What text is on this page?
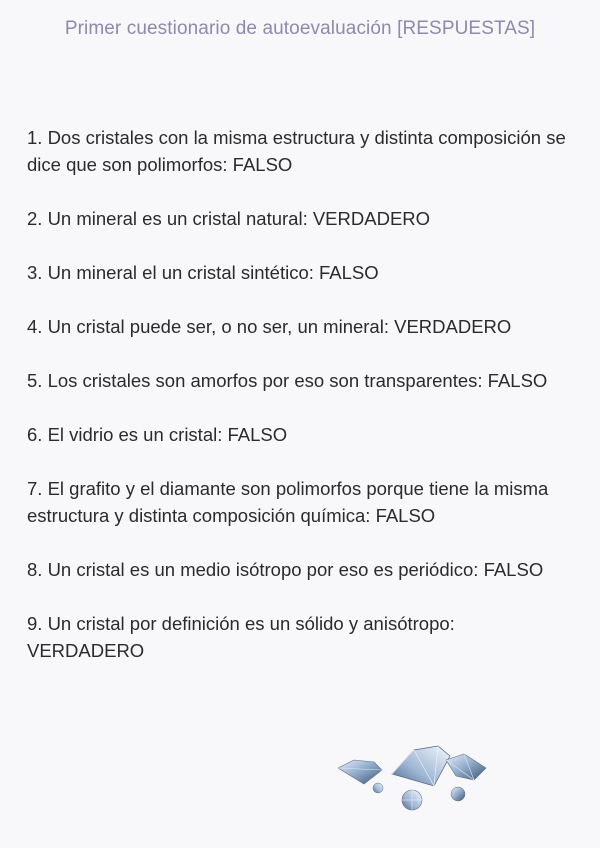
Primer cuestionario de autoevaluación [RESPUESTAS]
1. Dos cristales con la misma estructura y distinta composición se dice que son polimorfos: FALSO
2. Un mineral es un cristal natural: VERDADERO
3. Un mineral el un cristal sintético: FALSO
4. Un cristal puede ser, o no ser, un mineral: VERDADERO
5. Los cristales son amorfos por eso son transparentes: FALSO
6. El vidrio es un cristal: FALSO
7. El grafito y el diamante son polimorfos porque tiene la misma estructura y distinta composición química: FALSO
8. Un cristal es un medio isótropo por eso es periódico: FALSO
9. Un cristal por definición es un sólido y anisótropo: VERDADERO
